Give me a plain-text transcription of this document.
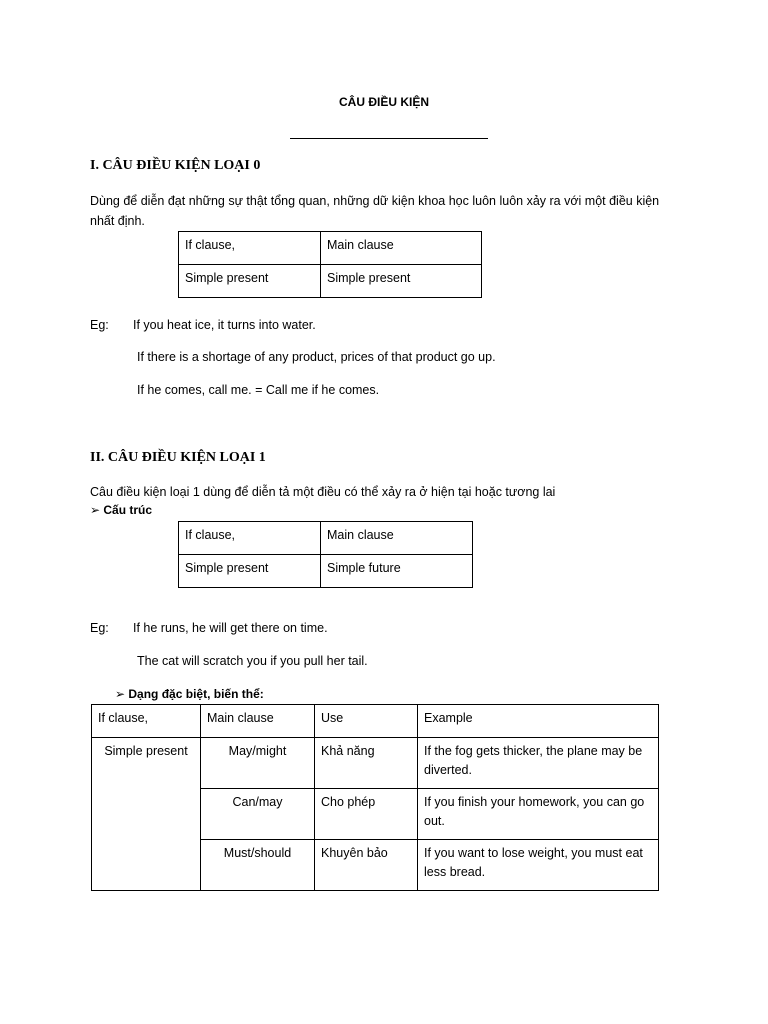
CÂU ĐIỀU KIỆN
I. CÂU ĐIỀU KIỆN LOẠI 0
Dùng để diễn đạt những sự thật tổng quan, những dữ kiện khoa học luôn luôn xảy ra với một điều kiện nhất định.
If clause,	Main clause
Simple present	Simple present
Eg: If you heat ice, it turns into water.
If there is a shortage of any product, prices of that product go up.
If he comes, call me. = Call me if he comes.
II. CÂU ĐIỀU KIỆN LOẠI 1
Câu điều kiện loại 1 dùng để diễn tả một điều có thể xảy ra ở hiện tại hoặc tương lai
➢ Cấu trúc
If clause,	Main clause
Simple present	Simple future
Eg: If he runs, he will get there on time.
The cat will scratch you if you pull her tail.
➢ Dạng đặc biệt, biến thể:
If clause,	Main clause	Use	Example
Simple present	May/might	Khả năng	If the fog gets thicker, the plane may be diverted.
	Can/may	Cho phép	If you finish your homework, you can go out.
	Must/should	Khuyên bảo	If you want to lose weight, you must eat less bread.
